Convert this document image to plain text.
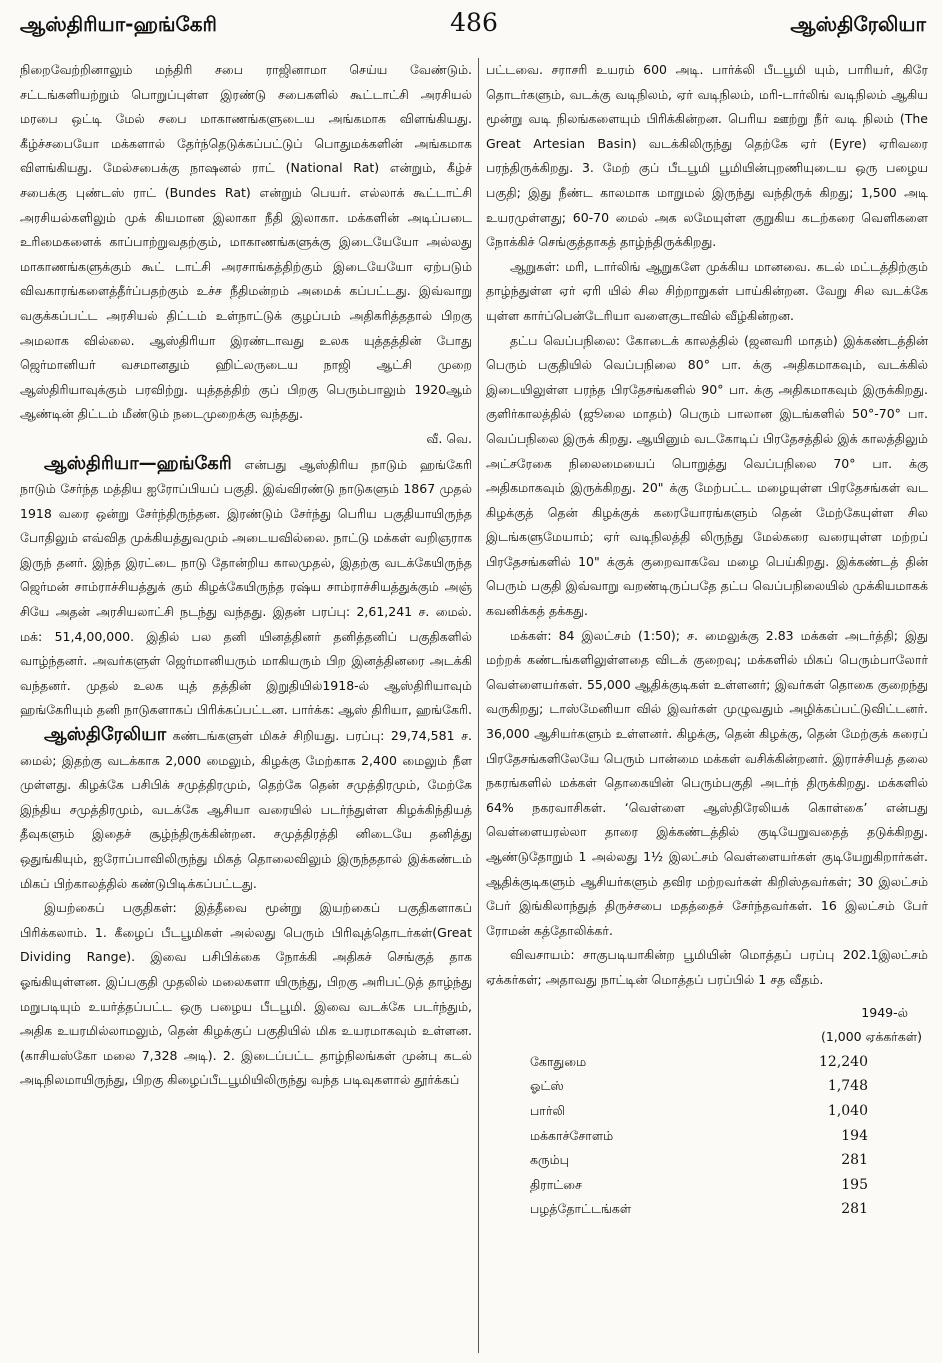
ஆஸ்திரியா-ஹங்கேரி	486	ஆஸ்திரேலியா

நிறைவேற்றினாலும் மந்திரி சபை ராஜினாமா செய்ய வேண்டும். சட்டங்களியற்றும் பொறுப்புள்ள இரண்டு சபைகளில் கூட்டாட்சி அரசியல் மரபை ஒட்டி மேல் சபை மாகாணங்களுடைய அங்கமாக விளங்கியது. கீழ்ச்சபையோ மக்களால் தேர்ந்தெடுக்கப்பட்டுப் பொதுமக்களின் அங்கமாக விளங்கியது. மேல்சபைக்கு நாஷனல் ராட் (National Rat) என்றும், கீழ்ச் சபைக்கு புண்டஸ் ராட் (Bundes Rat) என்றும் பெயர். எல்லாக் கூட்டாட்சி அரசியல்களிலும் முக் கியமான இலாகா நீதி இலாகா. மக்களின் அடிப்படை உரிமைகளைக் காப்பாற்றுவதற்கும், மாகாணங்களுக்கு இடையேயோ அல்லது மாகாணங்களுக்கும் கூட் டாட்சி அரசாங்கத்திற்கும் இடையேயோ ஏற்படும் விவகாரங்களைத்தீர்ப்பதற்கும் உச்ச நீதிமன்றம் அமைக் கப்பட்டது. இவ்வாறு வகுக்கப்பட்ட அரசியல் திட்டம் உள்நாட்டுக் குழப்பம் அதிகரித்ததால் பிறகு அமலாக வில்லை. ஆஸ்திரியா இரண்டாவது உலக யுத்தத்தின் போது ஜெர்மானியர் வசமானதும் ஹிட்லருடைய நாஜி ஆட்சி முறை ஆஸ்திரியாவுக்கும் பரவிற்று. யுத்தத்திற் குப் பிறகு பெரும்பாலும் 1920ஆம் ஆண்டின் திட்டம் மீண்டும் நடைமுறைக்கு வந்தது.

வீ. வெ.

ஆஸ்திரியா—ஹங்கேரி என்பது ஆஸ்திரிய நாடும் ஹங்கேரி நாடும் சேர்ந்த மத்திய ஐரோப்பியப் பகுதி. இவ்விரண்டு நாடுகளும் 1867 முதல் 1918 வரை ஒன்று சேர்ந்திருந்தன. இரண்டும் சேர்ந்து பெரிய பகுதியாயிருந்த போதிலும் எவ்வித முக்கியத்துவமும் அடையவில்லை. நாட்டு மக்கள் வறிஞராக இருந் தனர். இந்த இரட்டை நாடு தோன்றிய காலமுதல், இதற்கு வடக்கேயிருந்த ஜெர்மன் சாம்ராச்சியத்துக் கும் கிழக்கேயிருந்த ரஷ்ய சாம்ராச்சியத்துக்கும் அஞ் சியே அதன் அரசியலாட்சி நடந்து வந்தது. இதன் பரப்பு: 2,61,241 ச. மைல். மக்: 51,4,00,000. இதில் பல தனி யினத்தினர் தனித்தனிப் பகுதிகளில் வாழ்ந்தனர். அவர்களுள் ஜெர்மானியரும் மாகியரும் பிற இனத்தினரை அடக்கி வந்தனர். முதல் உலக யுத் தத்தின் இறுதியில்1918-ல் ஆஸ்திரியாவும் ஹங்கேரியும் தனி நாடுகளாகப் பிரிக்கப்பட்டன. பார்க்க: ஆஸ் திரியா, ஹங்கேரி.

ஆஸ்திரேலியா கண்டங்களுள் மிகச் சிறியது. பரப்பு: 29,74,581 ச. மைல்; இதற்கு வடக்காக 2,000 மைலும், கிழக்கு மேற்காக 2,400 மைலும் நீள முள்ளது. கிழக்கே பசிபிக் சமுத்திரமும், தெற்கே தென் சமுத்திரமும், மேற்கே இந்திய சமுத்திரமும், வடக்கே ஆசியா வரையில் படர்ந்துள்ள கிழக்கிந்தியத் தீவுகளும் இதைச் சூழ்ந்திருக்கின்றன. சமுத்திரத்தி னிடையே தனித்து ஒதுங்கியும், ஐரோப்பாவிலிருந்து மிகத் தொலைவிலும் இருந்ததால் இக்கண்டம் மிகப் பிற்காலத்தில் கண்டுபிடிக்கப்பட்டது.

இயற்கைப் பகுதிகள்: இத்தீவை மூன்று இயற்கைப் பகுதிகளாகப் பிரிக்கலாம். 1. கீழைப் பீடபூமிகள் அல்லது பெரும் பிரிவுத்தொடர்கள்(Great Dividing Range). இவை பசிபிக்கை நோக்கி அதிகச் செங்குத் தாக ஓங்கியுள்ளன. இப்பகுதி முதலில் மலைகளா யிருந்து, பிறகு அரிபட்டுத் தாழ்ந்து மறுபடியும் உயர்த்தப்பட்ட ஒரு பழைய பீடபூமி. இவை வடக்கே படர்ந்தும், அதிக உயரமில்லாமலும், தென் கிழக்குப் பகுதியில் மிக உயரமாகவும் உள்ளன. (காசியஸ்கோ மலை 7,328 அடி). 2. இடைப்பட்ட தாழ்நிலங்கள் முன்பு கடல் அடிநிலமாயிருந்து, பிறகு கிழைப்பீடபூமியிலிருந்து வந்த படிவுகளால் தூர்க்கப்

பட்டவை. சராசரி உயரம் 600 அடி. பார்க்லி பீடபூமி யும், பாரியர், கிரே தொடர்களும், வடக்கு வடிநிலம், ஏர் வடிநிலம், மரி-டார்லிங் வடிநிலம் ஆகிய மூன்று வடி நிலங்களையும் பிரிக்கின்றன. பெரிய ஊற்று நீர் வடி நிலம் (The Great Artesian Basin) வடக்கிலிருந்து தெற்கே ஏர் (Eyre) ஏரிவரை பரந்திருக்கிறது. 3. மேற் குப் பீடபூமி பூமியின்புறணியுடைய ஒரு பழைய பகுதி; இது நீண்ட காலமாக மாறுமல் இருந்து வந்திருக் கிறது; 1,500 அடி உயரமுள்ளது; 60-70 மைல் அக லமேயுள்ள குறுகிய கடற்கரை வெளிகளை நோக்கிச் செங்குத்தாகத் தாழ்ந்திருக்கிறது.

ஆறுகள்: மரி, டார்லிங் ஆறுகளே முக்கிய மானவை. கடல் மட்டத்திற்கும் தாழ்ந்துள்ள ஏர் ஏரி யில் சில சிற்றாறுகள் பாய்கின்றன. வேறு சில வடக்கே யுள்ள கார்ப்பென்டேரியா வளைகுடாவில் வீழ்கின்றன.

தட்ப வெப்பநிலை: கோடைக் காலத்தில் (ஜனவரி மாதம்) இக்கண்டத்தின் பெரும் பகுதியில் வெப்பநிலை 80° பா. க்கு அதிகமாகவும், வடக்கில் இடையிலுள்ள பரந்த பிரதேசங்களில் 90° பா. க்கு அதிகமாகவும் இருக்கிறது. குளிர்காலத்தில் (ஜூலை மாதம்) பெரும் பாலான இடங்களில் 50°-70° பா. வெப்பநிலை இருக் கிறது. ஆயினும் வடகோடிப் பிரதேசத்தில் இக் காலத்திலும் அட்சரேகை நிலைமையைப் பொறுத்து வெப்பநிலை 70° பா. க்கு அதிகமாகவும் இருக்கிறது. 20" க்கு மேற்பட்ட மழையுள்ள பிரதேசங்கள் வட கிழக்குத் தென் கிழக்குக் கரையோரங்களும் தென் மேற்கேயுள்ள சில இடங்களுமேயாம்; ஏர் வடிநிலத்தி லிருந்து மேல்கரை வரையுள்ள மற்றப் பிரதேசங்களில் 10" க்குக் குறைவாகவே மழை பெய்கிறது. இக்கண்டத் தின் பெரும் பகுதி இவ்வாறு வறண்டிருப்பதே தட்ப வெப்பநிலையில் முக்கியமாகக் கவனிக்கத் தக்கது.

மக்கள்: 84 இலட்சம் (1:50); ச. மைலுக்கு 2.83 மக்கள் அடர்த்தி; இது மற்றக் கண்டங்களிலுள்ளதை விடக் குறைவு; மக்களில் மிகப் பெரும்பாலோர் வெள்ளையர்கள். 55,000 ஆதிக்குடிகள் உள்ளனர்; இவர்கள் தொகை குறைந்து வருகிறது; டாஸ்மேனியா வில் இவர்கள் முழுவதும் அழிக்கப்பட்டுவிட்டனர். 36,000 ஆசியர்களும் உள்ளனர். கிழக்கு, தென் கிழக்கு, தென் மேற்குக் கரைப் பிரதேசங்களிலேயே பெரும் பான்மை மக்கள் வசிக்கின்றனர். இராச்சியத் தலை நகரங்களில் மக்கள் தொகையின் பெரும்பகுதி அடர்ந் திருக்கிறது. மக்களில் 64% நகரவாசிகள். ‘வெள்ளை ஆஸ்திரேலியக் கொள்கை’ என்பது வெள்ளையரல்லா தாரை இக்கண்டத்தில் குடியேறுவதைத் தடுக்கிறது. ஆண்டுதோறும் 1 அல்லது 1½ இலட்சம் வெள்ளையர்கள் குடியேறுகிறார்கள். ஆதிக்குடிகளும் ஆசியர்களும் தவிர மற்றவர்கள் கிறிஸ்தவர்கள்; 30 இலட்சம் பேர் இங்கிலாந்துத் திருச்சபை மதத்தைச் சேர்ந்தவர்கள். 16 இலட்சம் பேர் ரோமன் கத்தோலிக்கர்.

விவசாயம்: சாகுபடியாகின்ற பூமியின் மொத்தப் பரப்பு 202.1இலட்சம் ஏக்கர்கள்; அதாவது நாட்டின் மொத்தப் பரப்பில் 1 சத வீதம்.

1949-ல்
(1,000 ஏக்கர்கள்)
கோதுமை	12,240
ஓட்ஸ்	1,748
பார்லி	1,040
மக்காச்சோளம்	194
கரும்பு	281
திராட்சை	195
பழத்தோட்டங்கள்	281
